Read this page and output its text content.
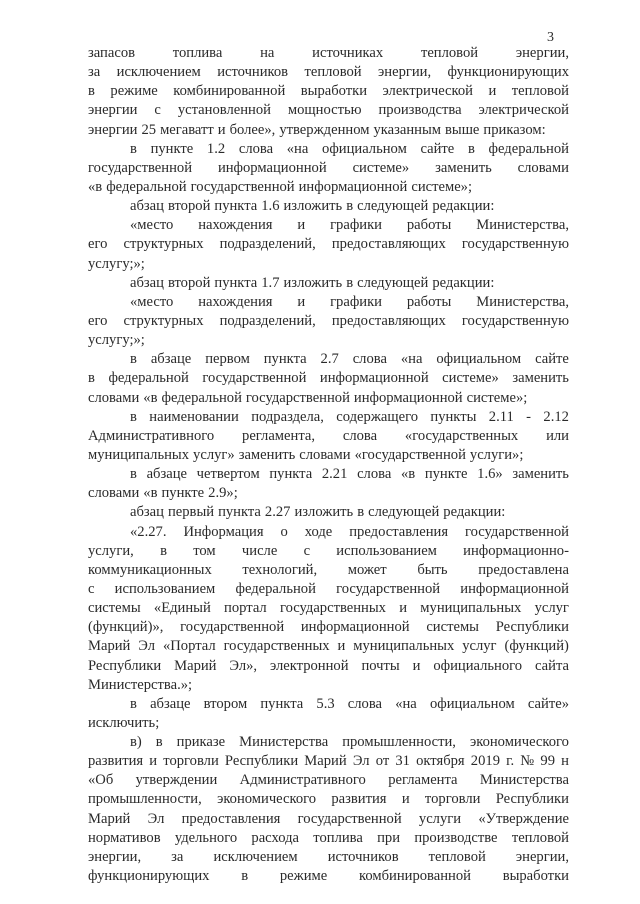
3
запасов	топлива	на	источниках	тепловой	энергии,
за исключением источников тепловой энергии, функционирующих
в режиме комбинированной выработки электрической и тепловой
энергии с установленной мощностью производства электрической
энергии 25 мегаватт и более», утвержденном указанным выше приказом:
в пункте 1.2 слова «на официальном сайте в федеральной
государственной информационной системе» заменить словами
«в федеральной государственной информационной системе»;
абзац второй пункта 1.6 изложить в следующей редакции:
«место нахождения и графики работы Министерства,
его структурных подразделений, предоставляющих государственную
услугу;»;
абзац второй пункта 1.7 изложить в следующей редакции:
«место нахождения и графики работы Министерства,
его структурных подразделений, предоставляющих государственную
услугу;»;
в абзаце первом пункта 2.7 слова «на официальном сайте
в федеральной государственной информационной системе» заменить
словами «в федеральной государственной информационной системе»;
в наименовании подраздела, содержащего пункты 2.11 - 2.12
Административного регламента, слова «государственных или
муниципальных услуг» заменить словами «государственной услуги»;
в абзаце четвертом пункта 2.21 слова «в пункте 1.6» заменить
словами «в пункте 2.9»;
абзац первый пункта 2.27 изложить в следующей редакции:
«2.27. Информация о ходе предоставления государственной
услуги, в том числе с использованием информационно-
коммуникационных технологий, может быть предоставлена
с использованием федеральной государственной информационной
системы «Единый портал государственных и муниципальных услуг
(функций)», государственной информационной системы Республики
Марий Эл «Портал государственных и муниципальных услуг (функций)
Республики Марий Эл», электронной почты и официального сайта
Министерства.»;
в абзаце втором пункта 5.3 слова «на официальном сайте»
исключить;
в) в приказе Министерства промышленности, экономического
развития и торговли Республики Марий Эл от 31 октября 2019 г. № 99 н
«Об утверждении Административного регламента Министерства
промышленности, экономического развития и торговли Республики
Марий Эл предоставления государственной услуги «Утверждение
нормативов удельного расхода топлива при производстве тепловой
энергии, за исключением источников тепловой энергии,
функционирующих в режиме комбинированной выработки
